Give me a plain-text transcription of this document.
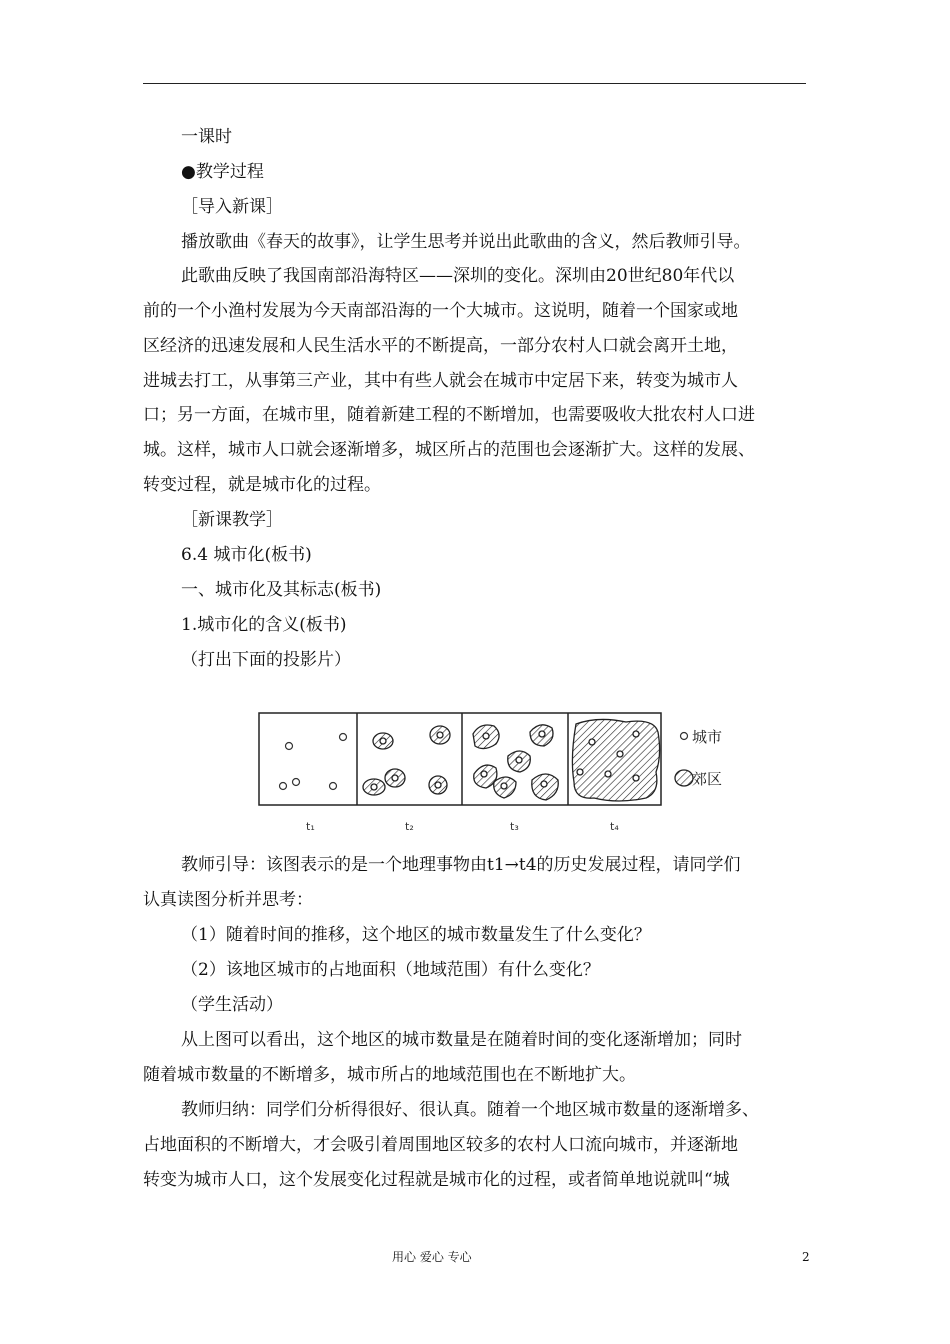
一课时
●教学过程
［导入新课］
播放歌曲《春天的故事》，让学生思考并说出此歌曲的含义，然后教师引导。
此歌曲反映了我国南部沿海特区——深圳的变化。深圳由20世纪80年代以
前的一个小渔村发展为今天南部沿海的一个大城市。这说明，随着一个国家或地
区经济的迅速发展和人民生活水平的不断提高，一部分农村人口就会离开土地，
进城去打工，从事第三产业，其中有些人就会在城市中定居下来，转变为城市人
口；另一方面，在城市里，随着新建工程的不断增加，也需要吸收大批农村人口进
城。这样，城市人口就会逐渐增多，城区所占的范围也会逐渐扩大。这样的发展、
转变过程，就是城市化的过程。
［新课教学］
6.4 城市化(板书)
一、城市化及其标志(板书)
1.城市化的含义(板书)
（打出下面的投影片）
教师引导：该图表示的是一个地理事物由t1→t4的历史发展过程，请同学们
认真读图分析并思考：
（1）随着时间的推移，这个地区的城市数量发生了什么变化？
（2）该地区城市的占地面积（地域范围）有什么变化？
（学生活动）
从上图可以看出，这个地区的城市数量是在随着时间的变化逐渐增加；同时
随着城市数量的不断增多，城市所占的地域范围也在不断地扩大。
教师归纳：同学们分析得很好、很认真。随着一个地区城市数量的逐渐增多、
占地面积的不断增大，才会吸引着周围地区较多的农村人口流向城市，并逐渐地
转变为城市人口，这个发展变化过程就是城市化的过程，或者简单地说就叫“城
城市
郊区
t₁	t₂	t₃	t₄
用心 爱心 专心	2
